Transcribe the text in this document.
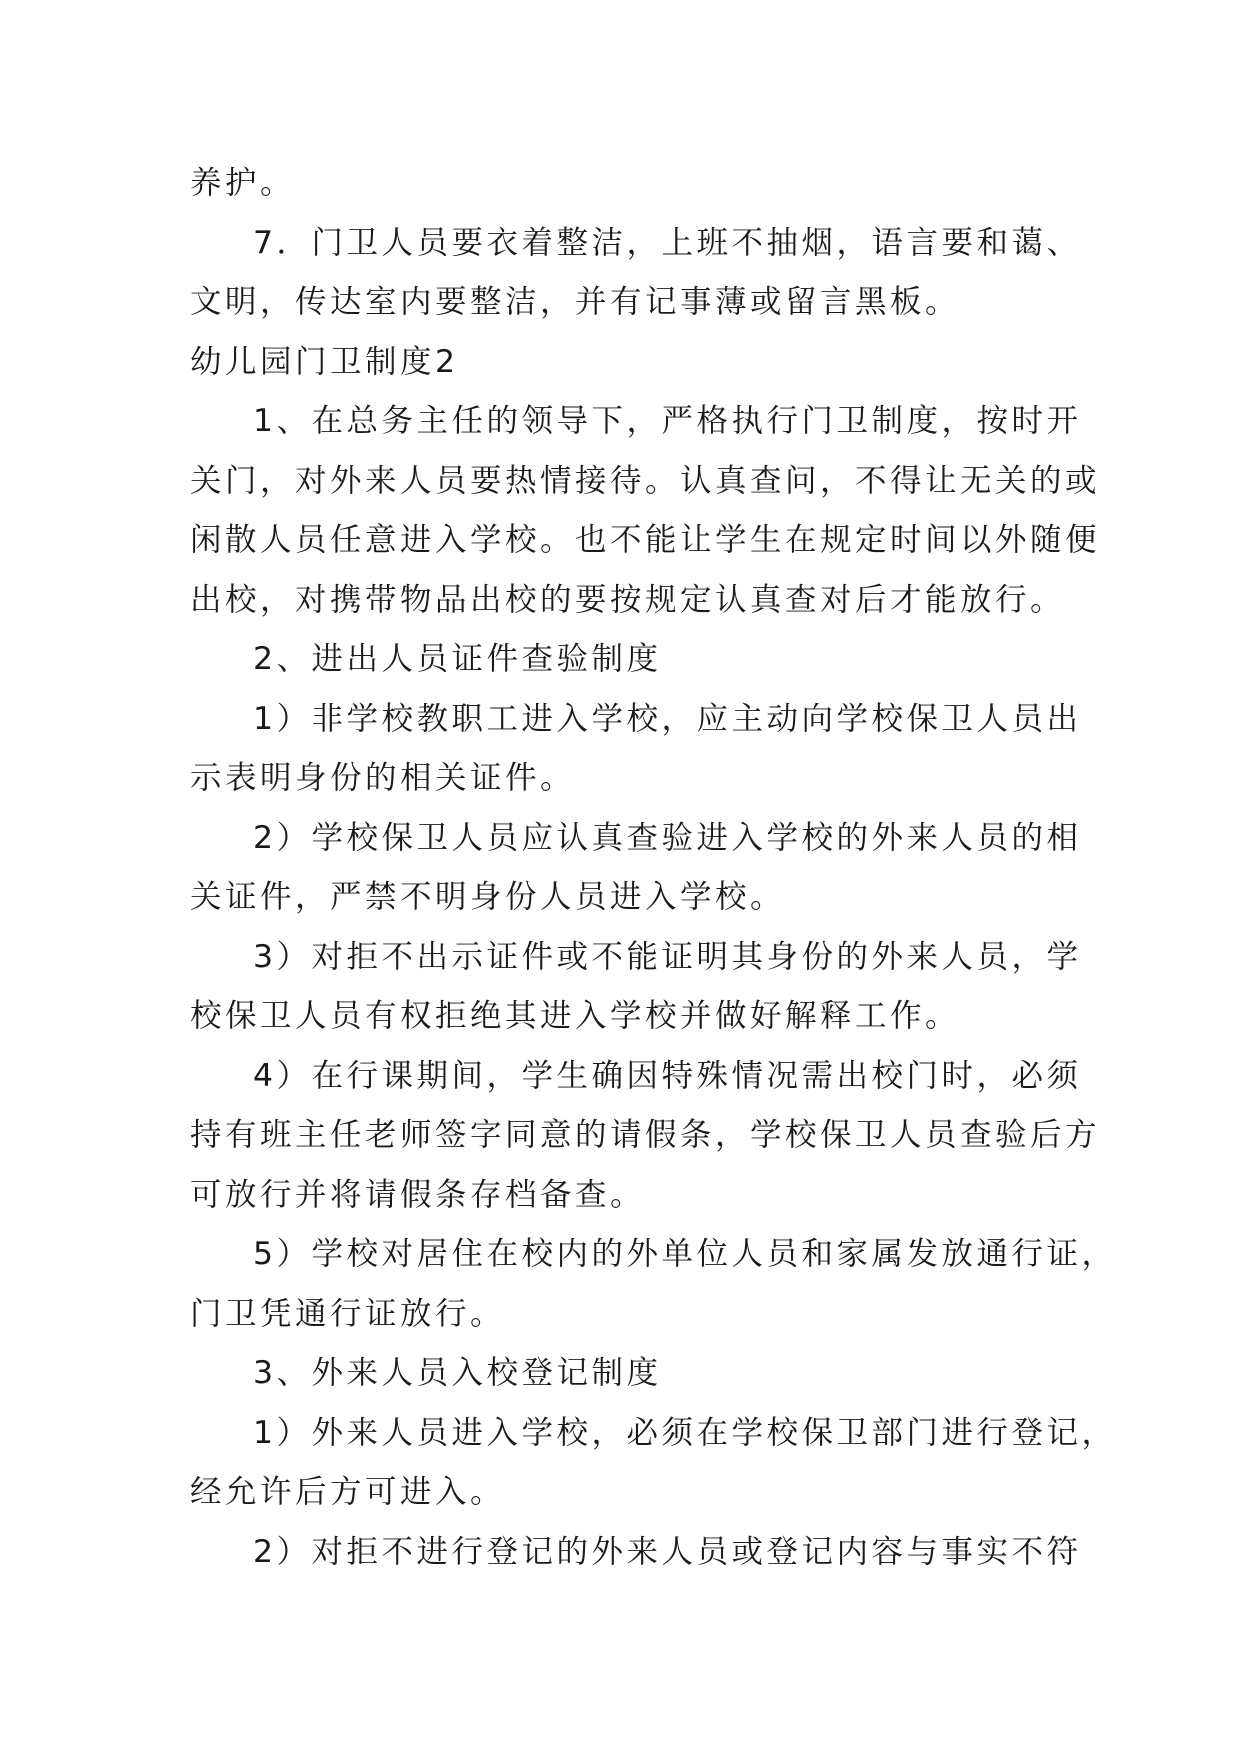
养护。

7．门卫人员要衣着整洁，上班不抽烟，语言要和蔼、

文明，传达室内要整洁，并有记事薄或留言黑板。

幼儿园门卫制度2

1、在总务主任的领导下，严格执行门卫制度，按时开

关门，对外来人员要热情接待。认真查问，不得让无关的或

闲散人员任意进入学校。也不能让学生在规定时间以外随便

出校，对携带物品出校的要按规定认真查对后才能放行。

2、进出人员证件查验制度

1）非学校教职工进入学校，应主动向学校保卫人员出

示表明身份的相关证件。

2）学校保卫人员应认真查验进入学校的外来人员的相

关证件，严禁不明身份人员进入学校。

3）对拒不出示证件或不能证明其身份的外来人员，学

校保卫人员有权拒绝其进入学校并做好解释工作。

4）在行课期间，学生确因特殊情况需出校门时，必须

持有班主任老师签字同意的请假条，学校保卫人员查验后方

可放行并将请假条存档备查。

5）学校对居住在校内的外单位人员和家属发放通行证，

门卫凭通行证放行。

3、外来人员入校登记制度

1）外来人员进入学校，必须在学校保卫部门进行登记，

经允许后方可进入。

2）对拒不进行登记的外来人员或登记内容与事实不符
